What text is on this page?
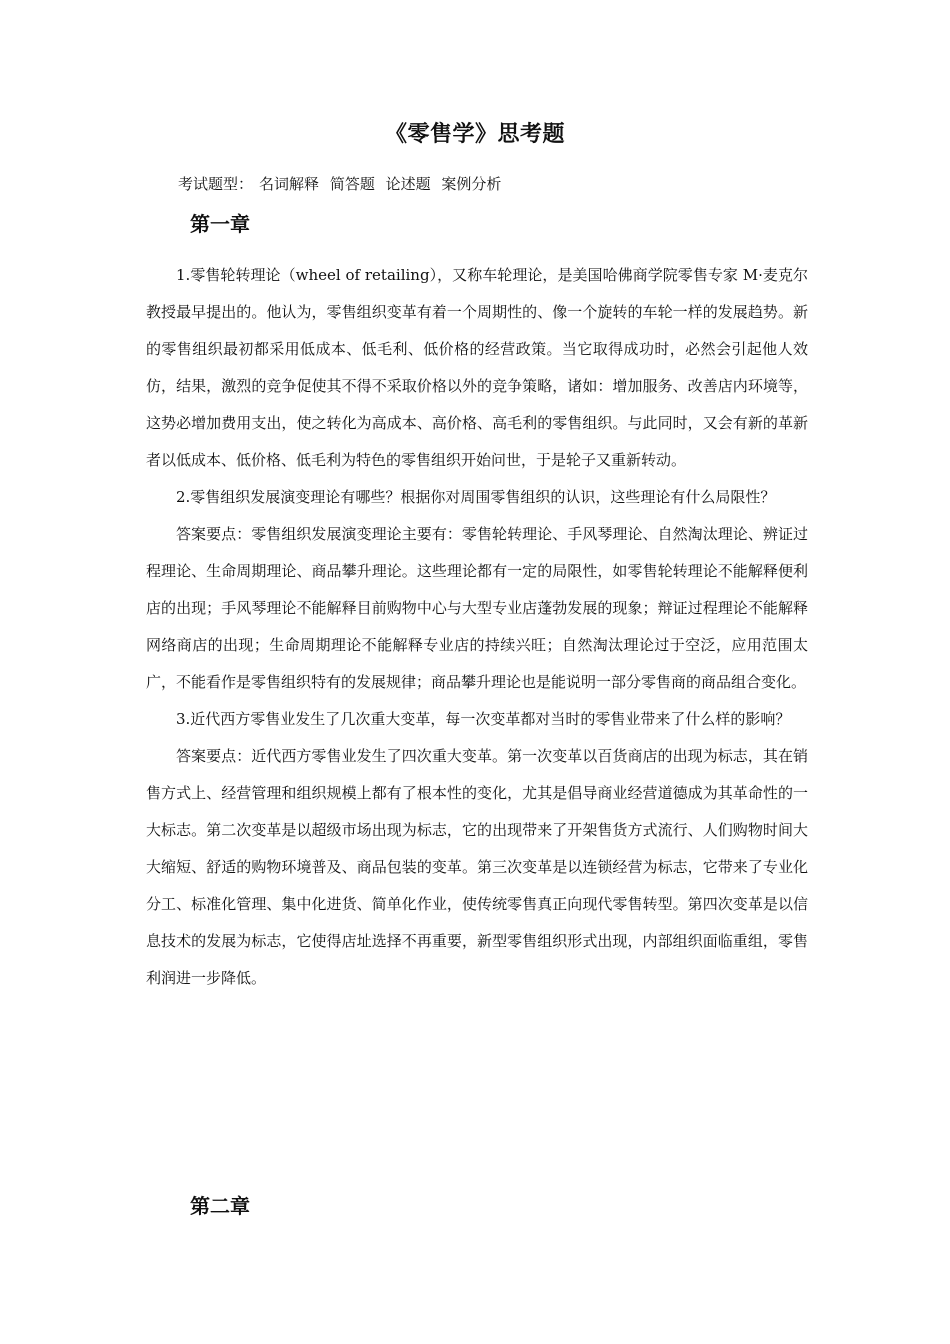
《零售学》思考题
考试题型： 名词解释 简答题 论述题 案例分析
第一章

1.零售轮转理论（wheel of retailing），又称车轮理论，是美国哈佛商学院零售专家 M·麦克尔教授最早提出的。他认为，零售组织变革有着一个周期性的、像一个旋转的车轮一样的发展趋势。新的零售组织最初都采用低成本、低毛利、低价格的经营政策。当它取得成功时，必然会引起他人效仿，结果，激烈的竞争促使其不得不采取价格以外的竞争策略，诸如：增加服务、改善店内环境等，这势必增加费用支出，使之转化为高成本、高价格、高毛利的零售组织。与此同时，又会有新的革新者以低成本、低价格、低毛利为特色的零售组织开始问世，于是轮子又重新转动。

2.零售组织发展演变理论有哪些？根据你对周围零售组织的认识，这些理论有什么局限性？

答案要点：零售组织发展演变理论主要有：零售轮转理论、手风琴理论、自然淘汰理论、辨证过程理论、生命周期理论、商品攀升理论。这些理论都有一定的局限性，如零售轮转理论不能解释便利店的出现；手风琴理论不能解释目前购物中心与大型专业店蓬勃发展的现象；辩证过程理论不能解释网络商店的出现；生命周期理论不能解释专业店的持续兴旺；自然淘汰理论过于空泛，应用范围太广，不能看作是零售组织特有的发展规律；商品攀升理论也是能说明一部分零售商的商品组合变化。

3.近代西方零售业发生了几次重大变革，每一次变革都对当时的零售业带来了什么样的影响？

答案要点：近代西方零售业发生了四次重大变革。第一次变革以百货商店的出现为标志，其在销售方式上、经营管理和组织规模上都有了根本性的变化，尤其是倡导商业经营道德成为其革命性的一大标志。第二次变革是以超级市场出现为标志，它的出现带来了开架售货方式流行、人们购物时间大大缩短、舒适的购物环境普及、商品包装的变革。第三次变革是以连锁经营为标志，它带来了专业化分工、标准化管理、集中化进货、简单化作业，使传统零售真正向现代零售转型。第四次变革是以信息技术的发展为标志，它使得店址选择不再重要，新型零售组织形式出现，内部组织面临重组，零售利润进一步降低。

第二章
